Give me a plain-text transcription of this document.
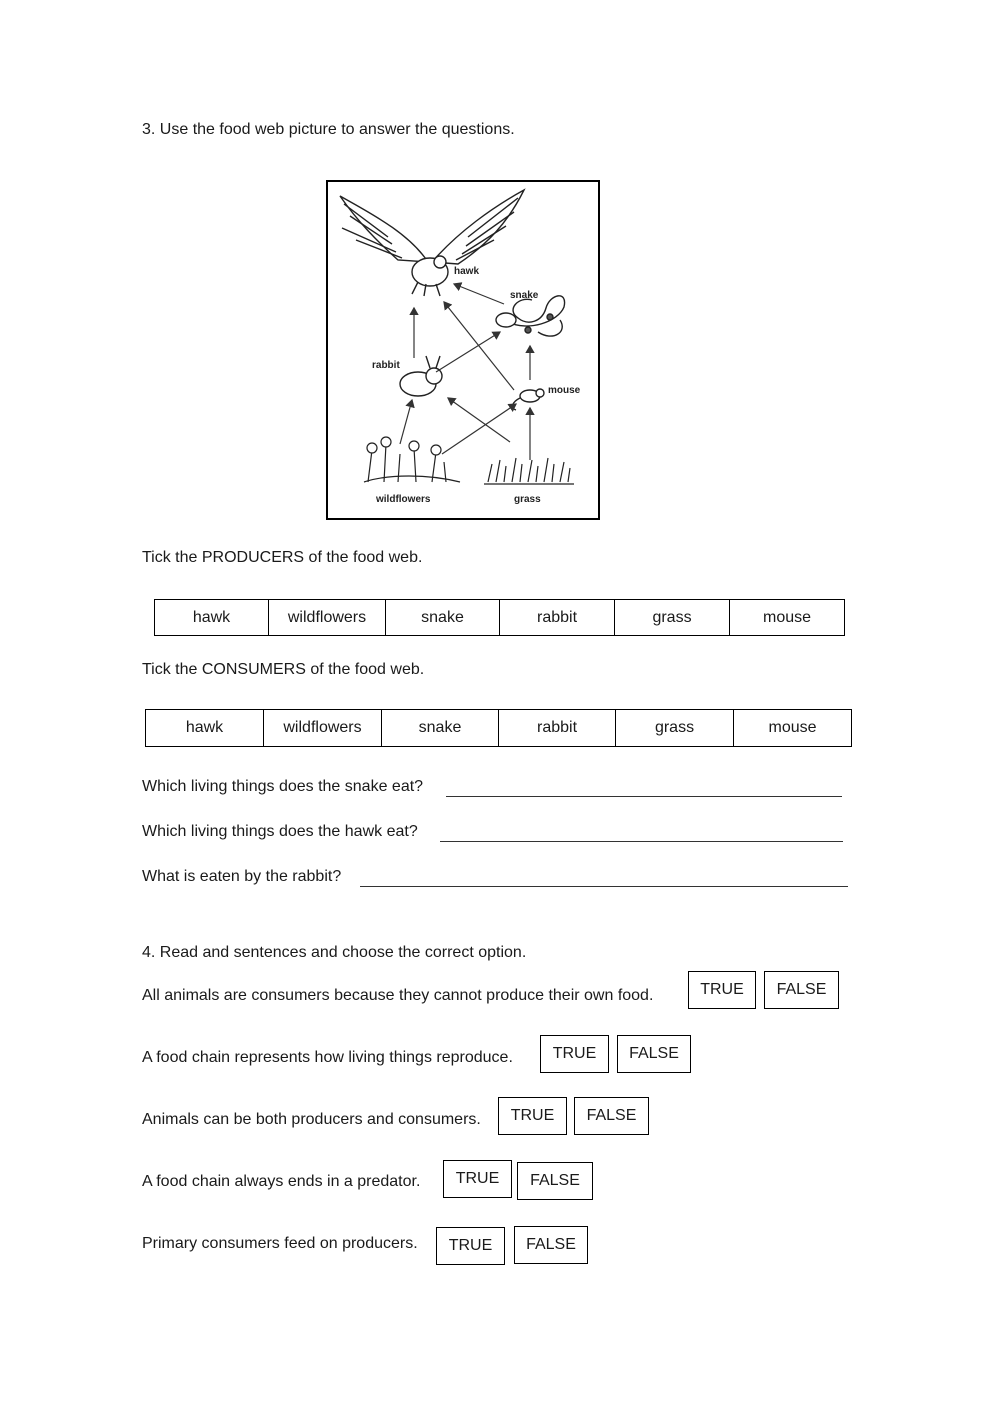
3. Use the food web picture to answer the questions.
hawk
snake
rabbit
mouse
wildflowers	grass
Tick the PRODUCERS of the food web.
hawk	wildflowers	snake	rabbit	grass	mouse
Tick the CONSUMERS of the food web.
hawk	wildflowers	snake	rabbit	grass	mouse
Which living things does the snake eat?
Which living things does the hawk eat?
What is eaten by the rabbit?
4. Read and sentences and choose the correct option.
All animals are consumers because they cannot produce their own food.	TRUE	FALSE
A food chain represents how living things reproduce.	TRUE	FALSE
Animals can be both producers and consumers.	TRUE	FALSE
A food chain always ends in a predator.	TRUE	FALSE
Primary consumers feed on producers.	TRUE	FALSE
